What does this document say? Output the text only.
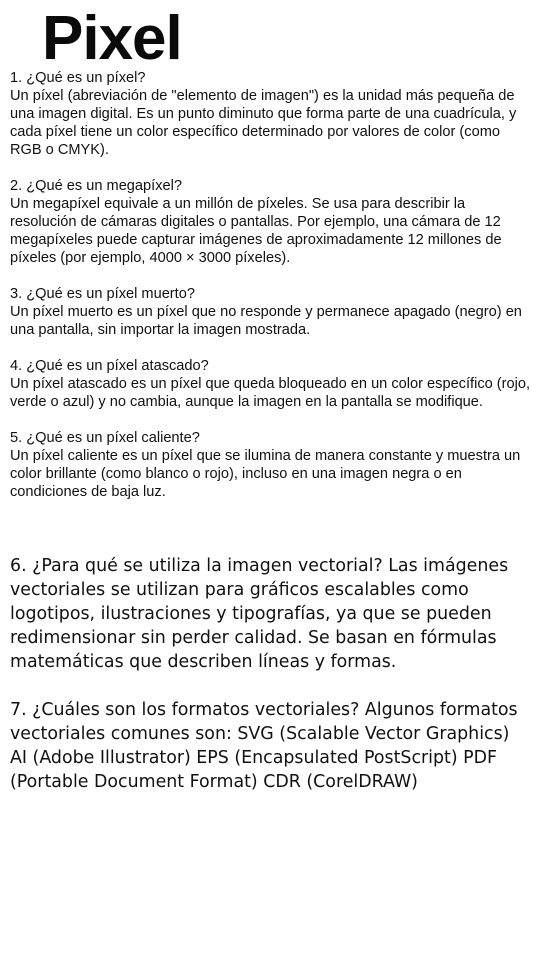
Pixel

1. ¿Qué es un píxel?

Un píxel (abreviación de "elemento de imagen") es la unidad más pequeña de una imagen digital. Es un punto diminuto que forma parte de una cuadrícula, y cada píxel tiene un color específico determinado por valores de color (como RGB o CMYK).

2. ¿Qué es un megapíxel?

Un megapíxel equivale a un millón de píxeles. Se usa para describir la resolución de cámaras digitales o pantallas. Por ejemplo, una cámara de 12 megapíxeles puede capturar imágenes de aproximadamente 12 millones de píxeles (por ejemplo, 4000 × 3000 píxeles).

3. ¿Qué es un píxel muerto?

Un píxel muerto es un píxel que no responde y permanece apagado (negro) en una pantalla, sin importar la imagen mostrada.

4. ¿Qué es un píxel atascado?

Un píxel atascado es un píxel que queda bloqueado en un color específico (rojo, verde o azul) y no cambia, aunque la imagen en la pantalla se modifique.

5. ¿Qué es un píxel caliente?

Un píxel caliente es un píxel que se ilumina de manera constante y muestra un color brillante (como blanco o rojo), incluso en una imagen negra o en condiciones de baja luz.

6. ¿Para qué se utiliza la imagen vectorial? Las imágenes vectoriales se utilizan para gráficos escalables como logotipos, ilustraciones y tipografías, ya que se pueden redimensionar sin perder calidad. Se basan en fórmulas matemáticas que describen líneas y formas.
7. ¿Cuáles son los formatos vectoriales? Algunos formatos vectoriales comunes son: SVG (Scalable Vector Graphics) AI (Adobe Illustrator) EPS (Encapsulated PostScript) PDF (Portable Document Format) CDR (CorelDRAW)
